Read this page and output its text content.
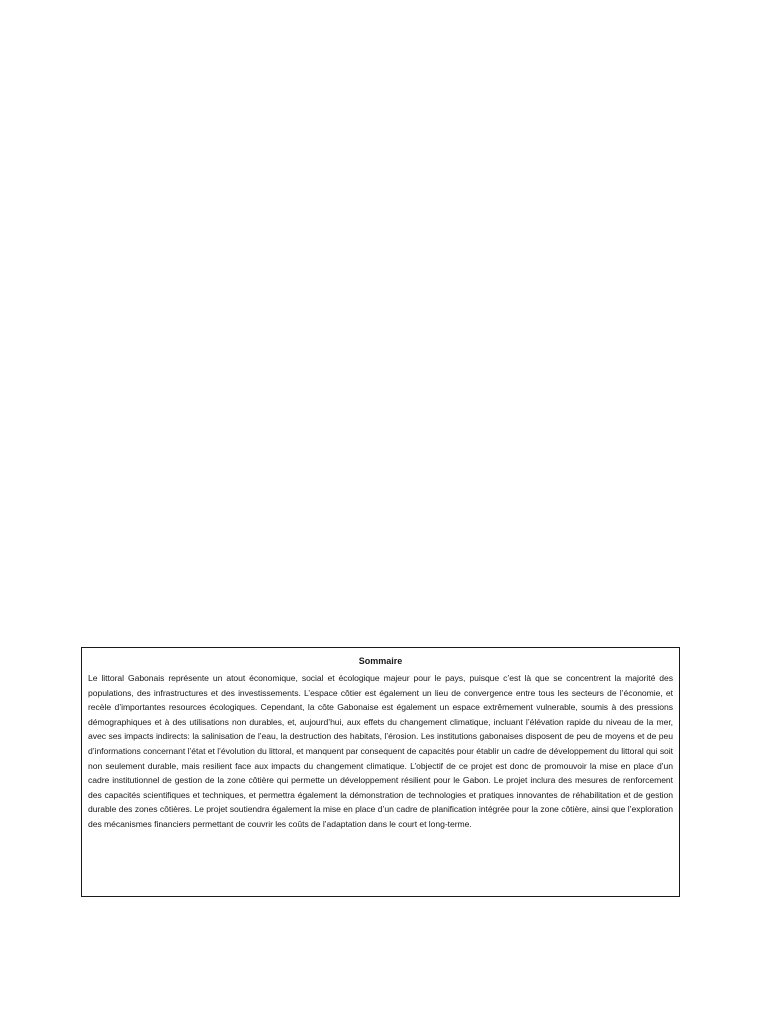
Sommaire

Le littoral Gabonais représente un atout économique, social et écologique majeur pour le pays, puisque c’est là que se concentrent la majorité des populations, des infrastructures et des investissements. L’espace côtier est également un lieu de convergence entre tous les secteurs de l’économie, et recèle d’importantes resources écologiques. Cependant, la côte Gabonaise est également un espace extrêmement vulnerable, soumis à des pressions démographiques et à des utilisations non durables, et, aujourd’hui, aux effets du changement climatique, incluant l’élévation rapide du niveau de la mer, avec ses impacts indirects: la salinisation de l’eau, la destruction des habitats, l’érosion. Les institutions gabonaises disposent de peu de moyens et de peu d’informations concernant l’état et l’évolution du littoral, et manquent par consequent de capacités pour établir un cadre de développement du littoral qui soit non seulement durable, mais resilient face aux impacts du changement climatique. L’objectif de ce projet est donc de promouvoir la mise en place d’un cadre institutionnel de gestion de la zone côtière qui permette un développement résilient pour le Gabon. Le projet inclura des mesures de renforcement des capacités scientifiques et techniques, et permettra également la démonstration de technologies et pratiques innovantes de réhabilitation et de gestion durable des zones côtières. Le projet soutiendra également la mise en place d’un cadre de planification intégrée pour la zone côtière, ainsi que l’exploration des mécanismes financiers permettant de couvrir les coûts de l’adaptation dans le court et long-terme.
